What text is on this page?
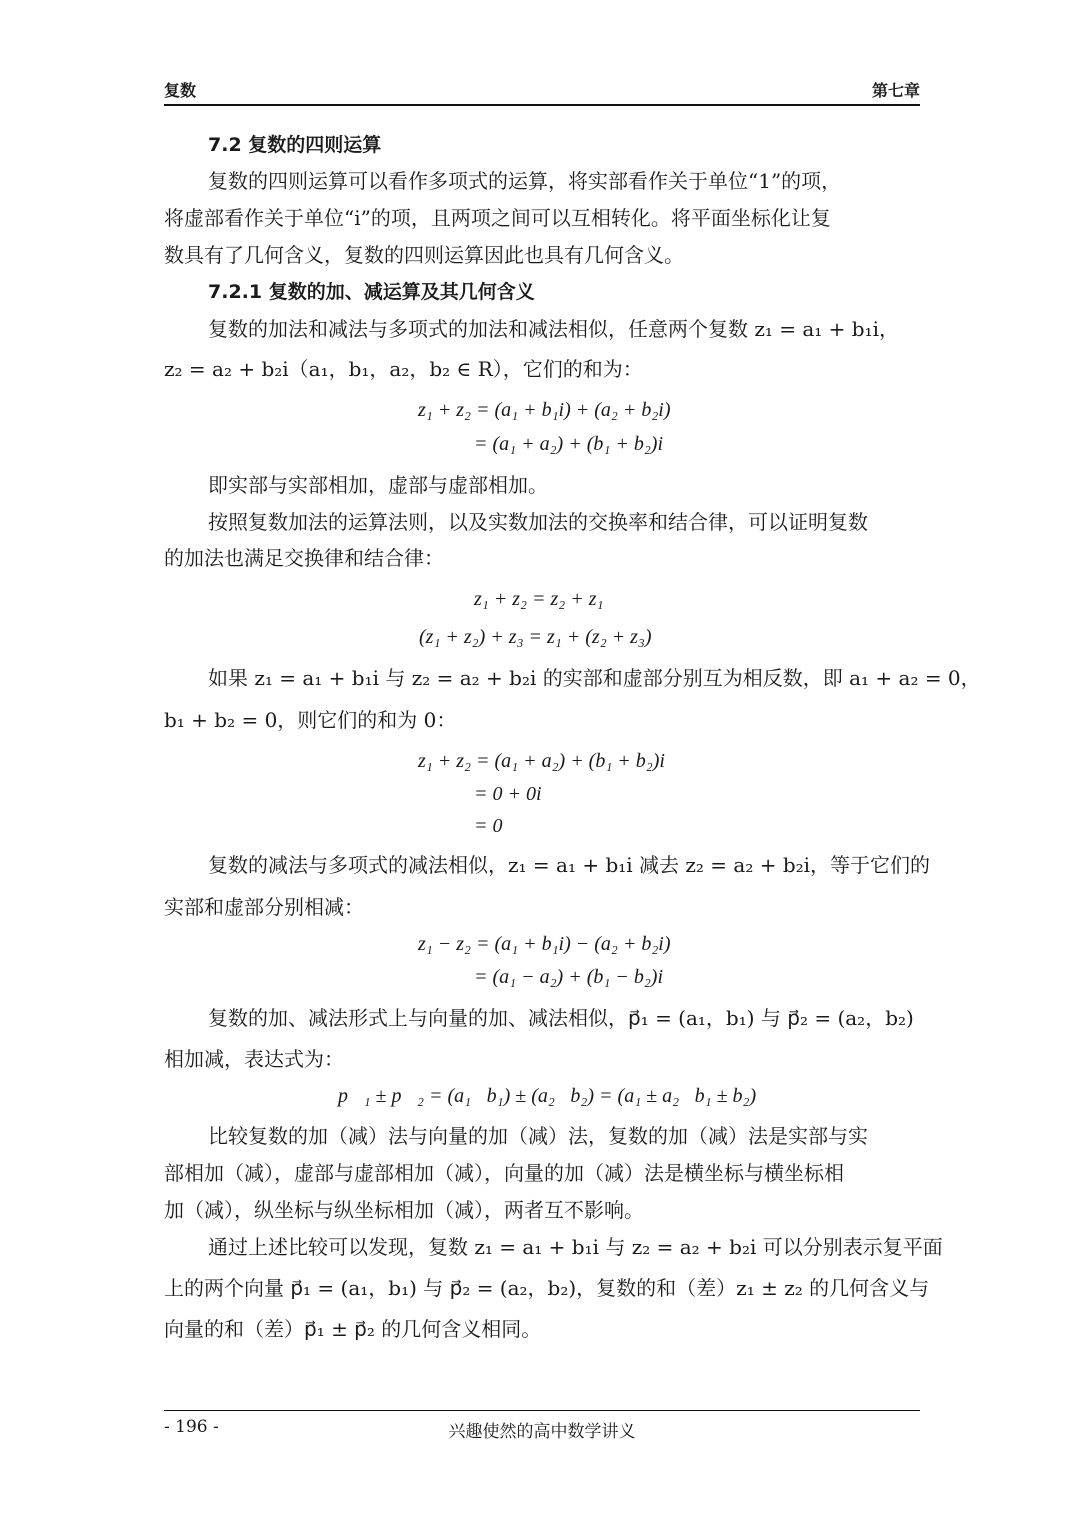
复数	第七章
7.2 复数的四则运算
复数的四则运算可以看作多项式的运算，将实部看作关于单位“1”的项，
将虚部看作关于单位“i”的项，且两项之间可以互相转化。将平面坐标化让复
数具有了几何含义，复数的四则运算因此也具有几何含义。
7.2.1 复数的加、减运算及其几何含义
复数的加法和减法与多项式的加法和减法相似，任意两个复数 z₁ = a₁ + b₁i，
z₂ = a₂ + b₂i（a₁，b₁，a₂，b₂ ∈ R），它们的和为：
z₁ + z₂ = (a₁ + b₁i) + (a₂ + b₂i)
= (a₁ + a₂) + (b₁ + b₂)i
即实部与实部相加，虚部与虚部相加。
按照复数加法的运算法则，以及实数加法的交换率和结合律，可以证明复数
的加法也满足交换律和结合律：
z₁ + z₂ = z₂ + z₁
(z₁ + z₂) + z₃ = z₁ + (z₂ + z₃)
如果 z₁ = a₁ + b₁i 与 z₂ = a₂ + b₂i 的实部和虚部分别互为相反数，即 a₁ + a₂ = 0，
b₁ + b₂ = 0，则它们的和为 0：
z₁ + z₂ = (a₁ + a₂) + (b₁ + b₂)i
= 0 + 0i
= 0
复数的减法与多项式的减法相似，z₁ = a₁ + b₁i 减去 z₂ = a₂ + b₂i，等于它们的
实部和虚部分别相减：
z₁ − z₂ = (a₁ + b₁i) − (a₂ + b₂i)
= (a₁ − a₂) + (b₁ − b₂)i
复数的加、减法形式上与向量的加、减法相似，p⃗₁ = (a₁，b₁) 与 p⃗₂ = (a₂，b₂)
相加减，表达式为：
p⃗₁ ± p⃗₂ = (a₁，b₁) ± (a₂，b₂) = (a₁ ± a₂，b₁ ± b₂)
比较复数的加（减）法与向量的加（减）法，复数的加（减）法是实部与实
部相加（减），虚部与虚部相加（减），向量的加（减）法是横坐标与横坐标相
加（减），纵坐标与纵坐标相加（减），两者互不影响。
通过上述比较可以发现，复数 z₁ = a₁ + b₁i 与 z₂ = a₂ + b₂i 可以分别表示复平面
上的两个向量 p⃗₁ = (a₁，b₁) 与 p⃗₂ = (a₂，b₂)，复数的和（差）z₁ ± z₂ 的几何含义与
向量的和（差）p⃗₁ ± p⃗₂ 的几何含义相同。
- 196 -	兴趣使然的高中数学讲义
